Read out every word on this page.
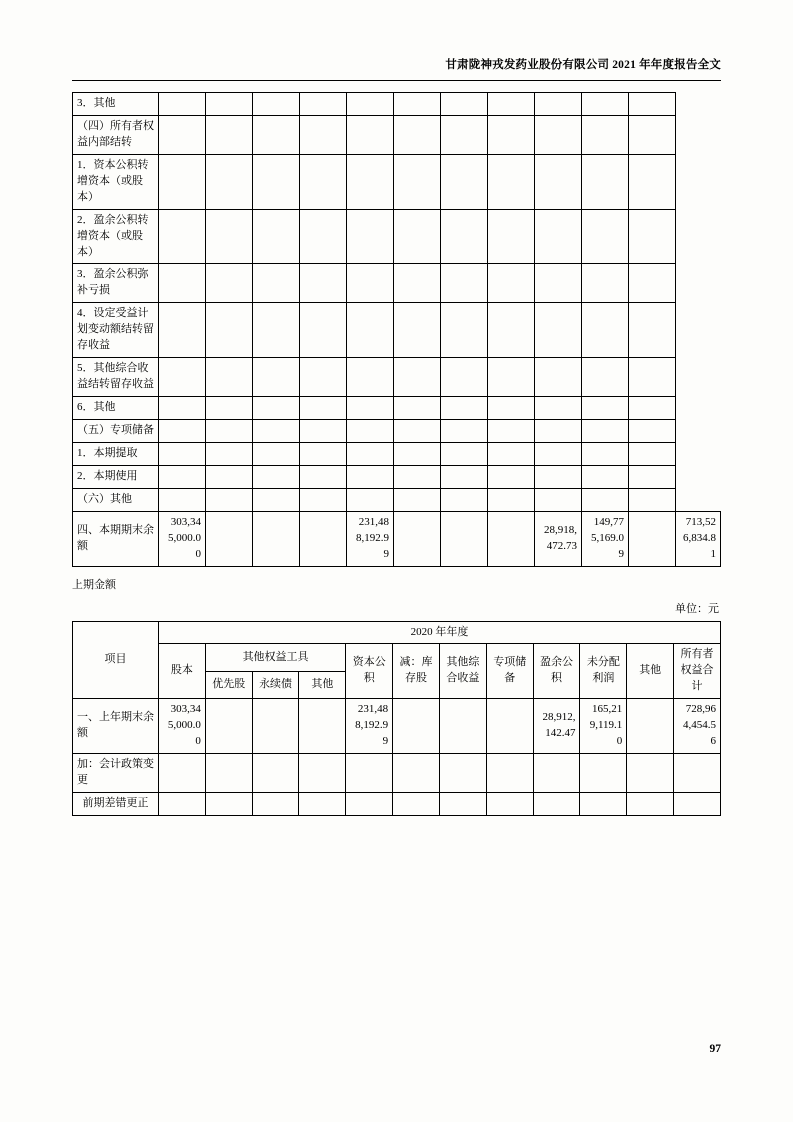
甘肃陇神戎发药业股份有限公司 2021 年年度报告全文
3．其他												
（四）所有者权益内部结转												
1．资本公积转增资本（或股本）												
2．盈余公积转增资本（或股本）												
3．盈余公积弥补亏损												
4．设定受益计划变动额结转留存收益												
5．其他综合收益结转留存收益												
6．其他												
（五）专项储备												
1．本期提取												
2．本期使用												
（六）其他												
四、本期期末余额	303,345,000.00				231,488,192.99				28,918,472.73	149,775,169.09		713,526,834.81

上期金额

单位：元

项目	2020 年年度											
	股本	其他权益工具			资本公积	减：库存股	其他综合收益	专项储备	盈余公积	未分配利润	其他	所有者权益合计
		优先股	永续债	其他								
一、上年期末余额	303,345,000.00				231,488,192.99				28,912,142.47	165,219,119.10		728,964,454.56
加：会计政策变更												
前期差错更正												
97
